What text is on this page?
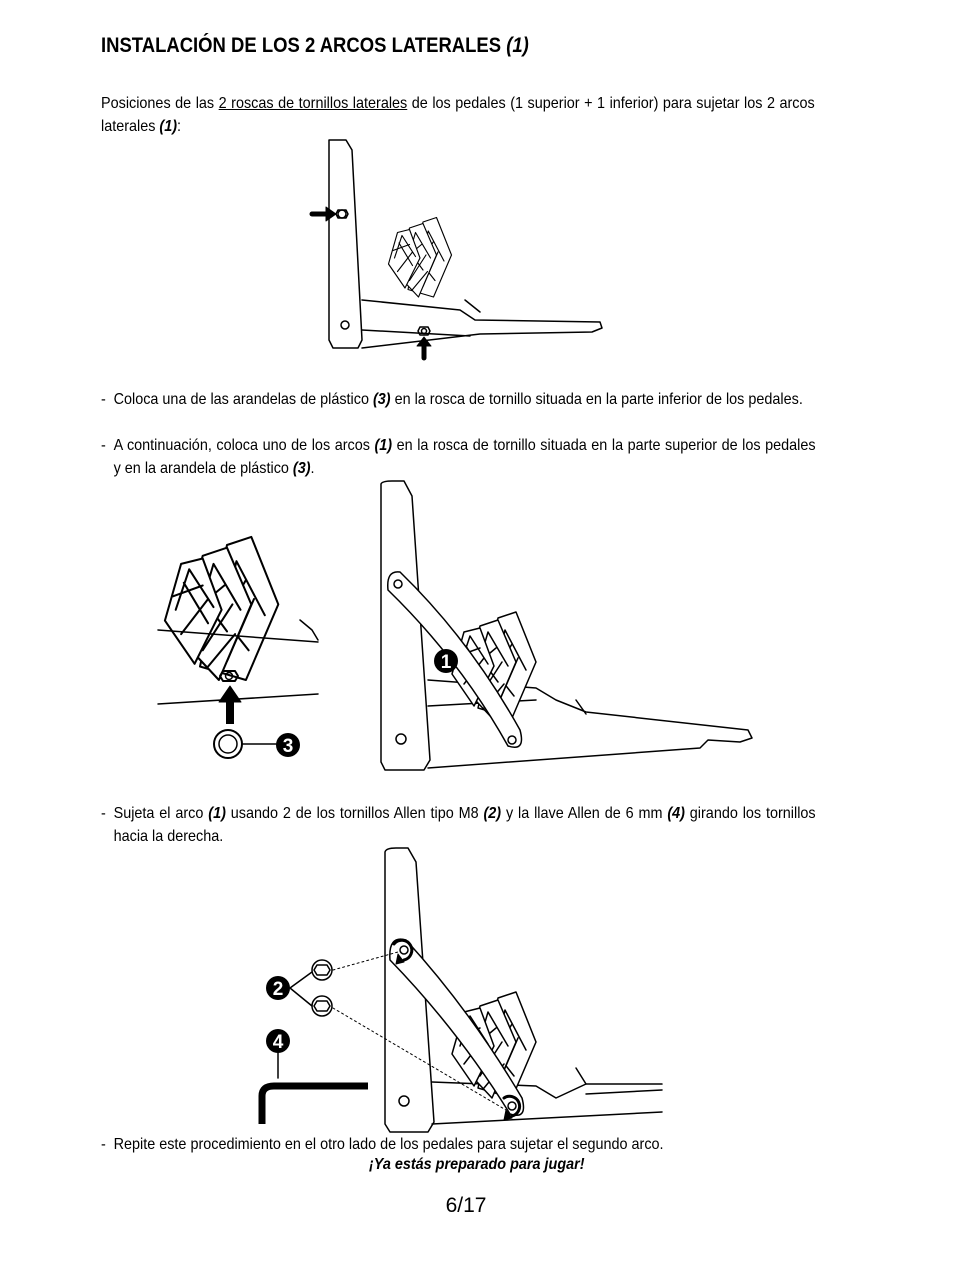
INSTALACIÓN DE LOS 2 ARCOS LATERALES (1)
Posiciones de las 2 roscas de tornillos laterales de los pedales (1 superior + 1 inferior) para sujetar los 2 arcos laterales (1):
- Coloca una de las arandelas de plástico (3) en la rosca de tornillo situada en la parte inferior de los pedales.
- A continuación, coloca uno de los arcos (1) en la rosca de tornillo situada en la parte superior de los pedales y en la arandela de plástico (3).
- Sujeta el arco (1) usando 2 de los tornillos Allen tipo M8 (2) y la llave Allen de 6 mm (4) girando los tornillos hacia la derecha.
- Repite este procedimiento en el otro lado de los pedales para sujetar el segundo arco.
¡Ya estás preparado para jugar!
6/17
3
1
2
4
